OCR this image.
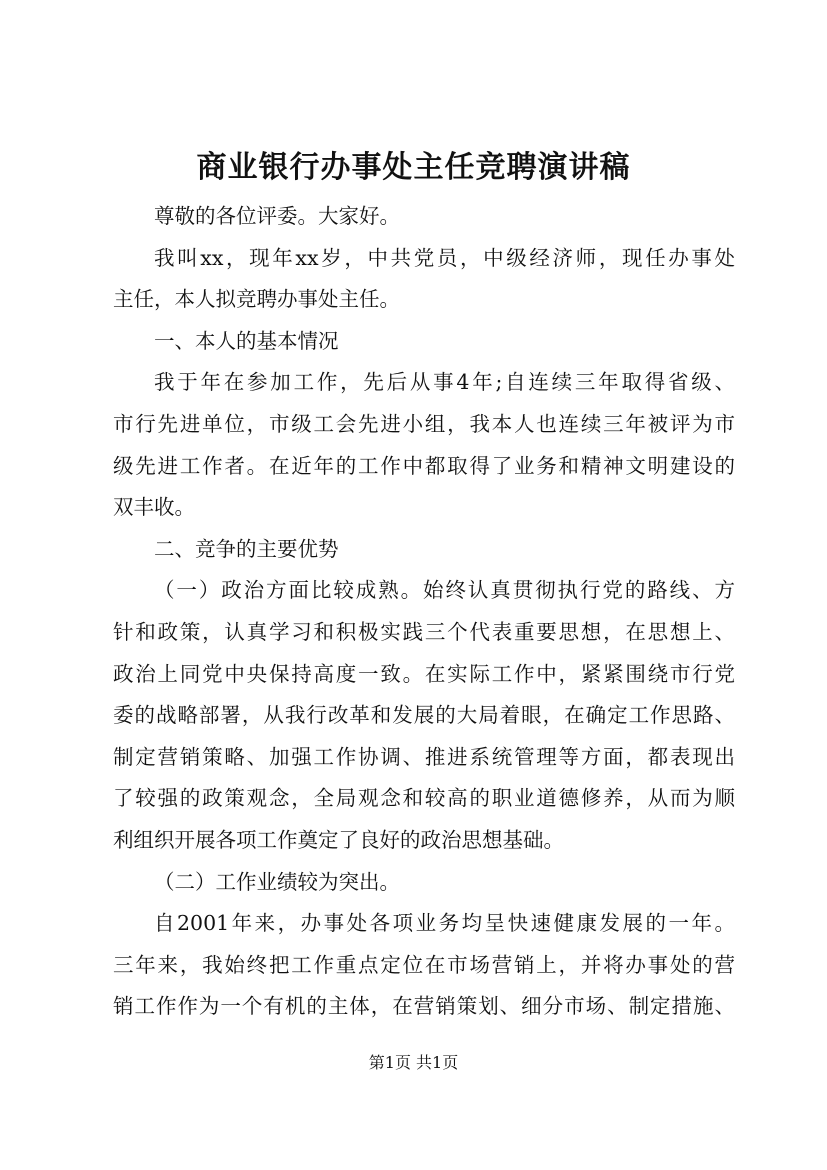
商业银行办事处主任竞聘演讲稿

尊敬的各位评委。大家好。

我叫xx，现年xx岁，中共党员，中级经济师，现任办事处

主任，本人拟竞聘办事处主任。

一、本人的基本情况

我于年在参加工作，先后从事4年;自连续三年取得省级、

市行先进单位，市级工会先进小组，我本人也连续三年被评为市

级先进工作者。在近年的工作中都取得了业务和精神文明建设的

双丰收。

二、竞争的主要优势

（一）政治方面比较成熟。始终认真贯彻执行党的路线、方

针和政策，认真学习和积极实践三个代表重要思想，在思想上、

政治上同党中央保持高度一致。在实际工作中，紧紧围绕市行党

委的战略部署，从我行改革和发展的大局着眼，在确定工作思路、

制定营销策略、加强工作协调、推进系统管理等方面，都表现出

了较强的政策观念，全局观念和较高的职业道德修养，从而为顺

利组织开展各项工作奠定了良好的政治思想基础。

（二）工作业绩较为突出。

自2001年来，办事处各项业务均呈快速健康发展的一年。

三年来，我始终把工作重点定位在市场营销上，并将办事处的营

销工作作为一个有机的主体，在营销策划、细分市场、制定措施、

第1页 共1页
